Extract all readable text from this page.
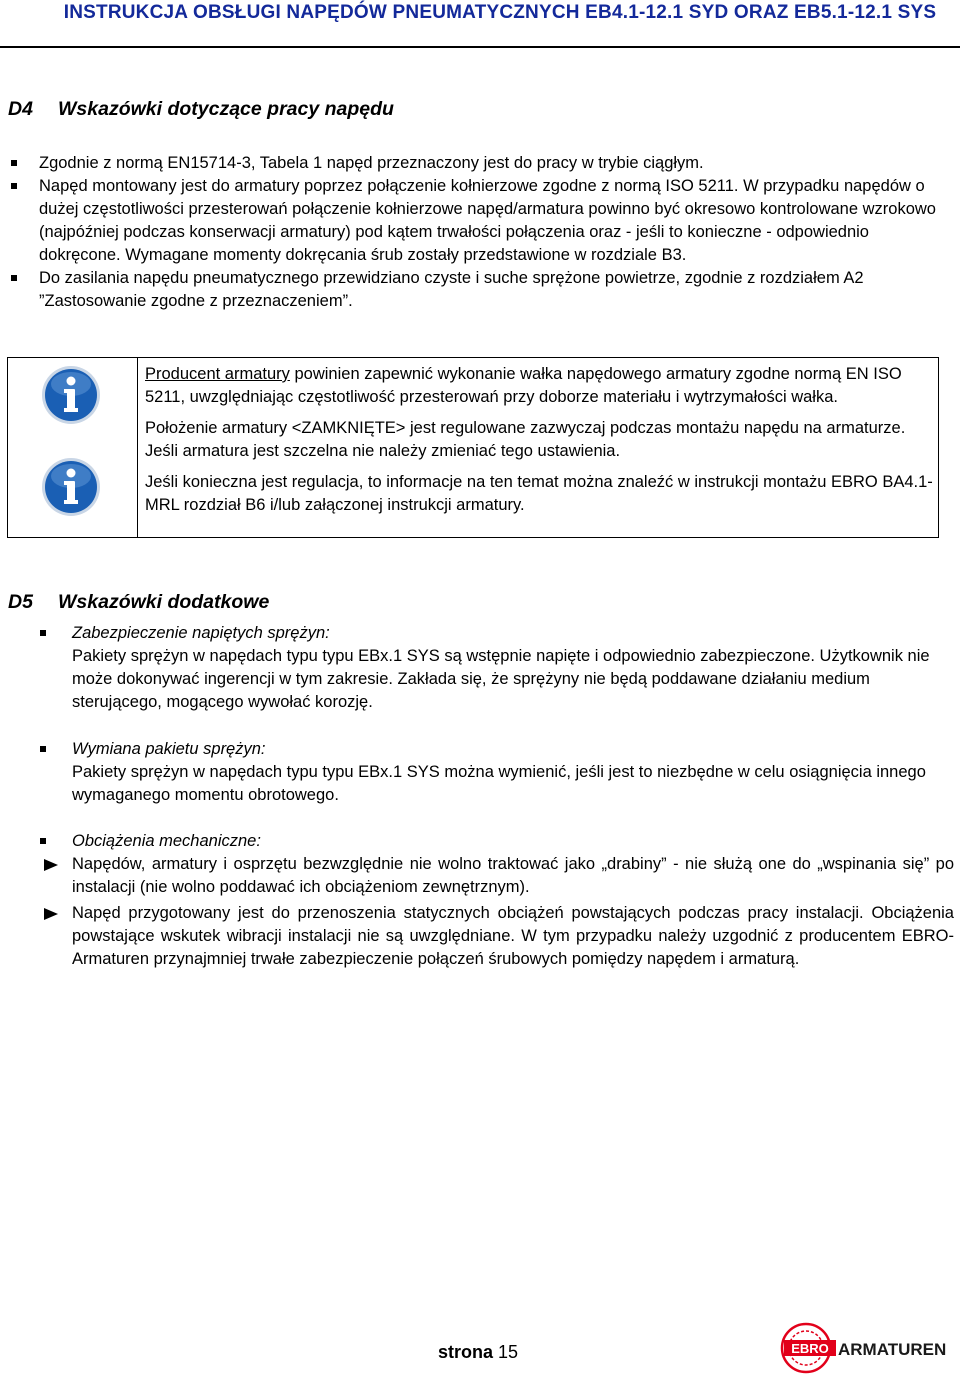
INSTRUKCJA OBSŁUGI NAPĘDÓW PNEUMATYCZNYCH EB4.1-12.1 SYD ORAZ EB5.1-12.1 SYS
D4 Wskazówki dotyczące pracy napędu
Zgodnie z normą EN15714-3, Tabela 1 napęd przeznaczony jest do pracy w trybie ciągłym.
Napęd montowany jest do armatury poprzez połączenie kołnierzowe zgodne z normą ISO 5211. W przypadku napędów o dużej częstotliwości przesterowań połączenie kołnierzowe napęd/armatura powinno być okresowo kontrolowane wzrokowo (najpóźniej podczas konserwacji armatury) pod kątem trwałości połączenia oraz - jeśli to konieczne - odpowiednio dokręcone. Wymagane momenty dokręcania śrub zostały przedstawione w rozdziale B3.
Do zasilania napędu pneumatycznego przewidziano czyste i suche sprężone powietrze, zgodnie z rozdziałem A2 ”Zastosowanie zgodne z przeznaczeniem”.

Producent armatury powinien zapewnić wykonanie wałka napędowego armatury zgodne normą EN ISO 5211, uwzględniając częstotliwość przesterowań przy doborze materiału i wytrzymałości wałka.

Położenie armatury <ZAMKNIĘTE> jest regulowane zazwyczaj podczas montażu napędu na armaturze. Jeśli armatura jest szczelna nie należy zmieniać tego ustawienia.

Jeśli konieczna jest regulacja, to informacje na ten temat można znaleźć w instrukcji montażu EBRO BA4.1-MRL rozdział B6 i/lub załączonej instrukcji armatury.

D5 Wskazówki dodatkowe
Zabezpieczenie napiętych sprężyn:
Pakiety sprężyn w napędach typu typu EBx.1 SYS są wstępnie napięte i odpowiednio zabezpieczone. Użytkownik nie może dokonywać ingerencji w tym zakresie. Zakłada się, że sprężyny nie będą poddawane działaniu medium sterującego, mogącego wywołać korozję.
Wymiana pakietu sprężyn:
Pakiety sprężyn w napędach typu typu EBx.1 SYS można wymienić, jeśli jest to niezbędne w celu osiągnięcia innego wymaganego momentu obrotowego.
Obciążenia mechaniczne:

Napędów, armatury i osprzętu bezwzględnie nie wolno traktować jako „drabiny” - nie służą one do „wspinania się” po instalacji (nie wolno poddawać ich obciążeniom zewnętrznym).

Napęd przygotowany jest do przenoszenia statycznych obciążeń powstających podczas pracy instalacji. Obciążenia powstające wskutek wibracji instalacji nie są uwzględniane. W tym przypadku należy uzgodnić z producentem EBRO-Armaturen przynajmniej trwałe zabezpieczenie połączeń śrubowych pomiędzy napędem i armaturą.

strona 15	EBRO ARMATUREN
